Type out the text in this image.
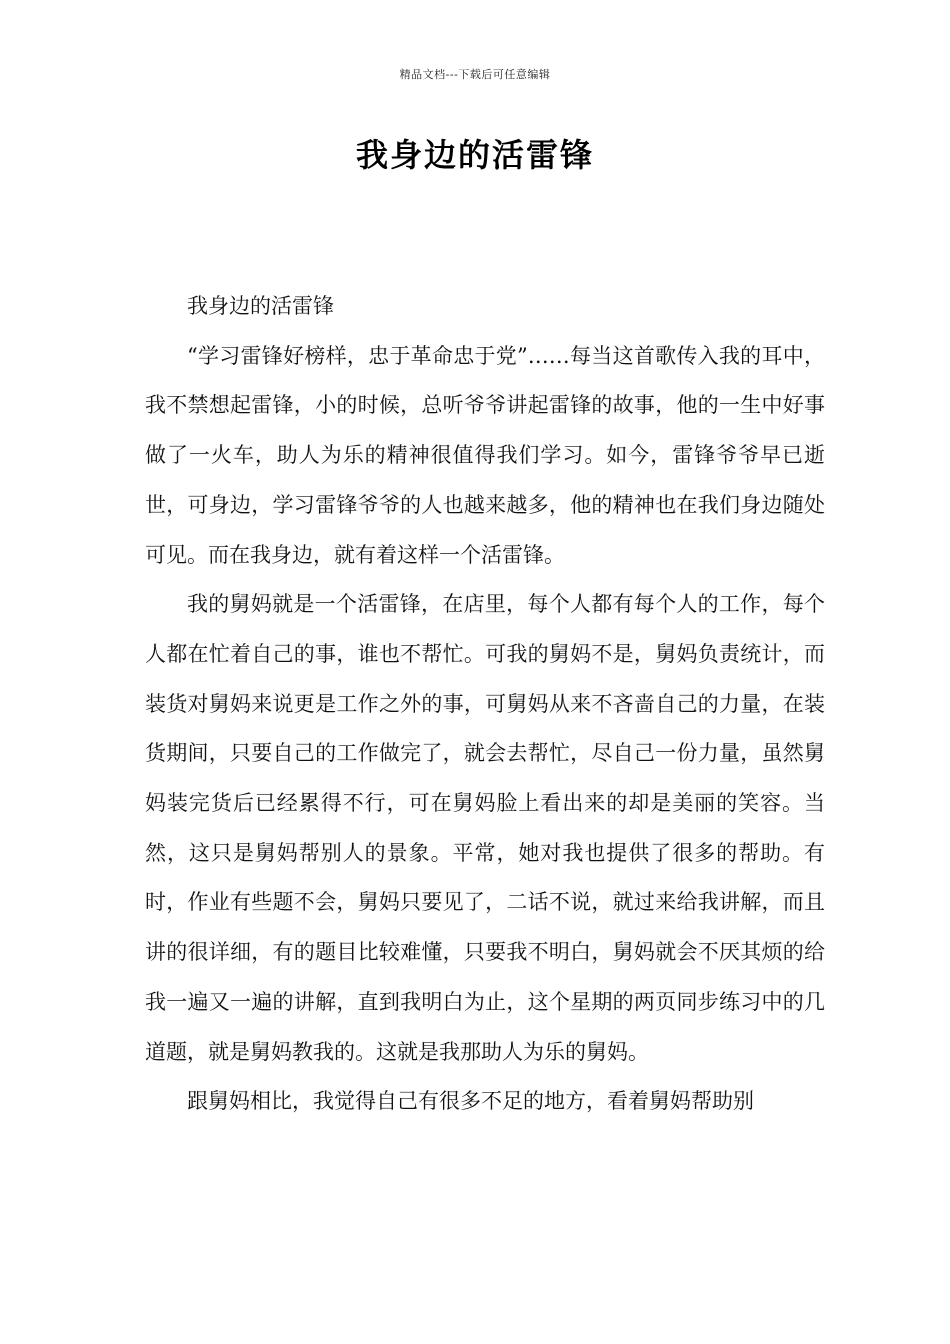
精品文档---下载后可任意编辑
我身边的活雷锋

我身边的活雷锋

“学习雷锋好榜样，忠于革命忠于党”……每当这首歌传入我的耳中，我不禁想起雷锋，小的时候，总听爷爷讲起雷锋的故事，他的一生中好事做了一火车，助人为乐的精神很值得我们学习。如今，雷锋爷爷早已逝世，可身边，学习雷锋爷爷的人也越来越多，他的精神也在我们身边随处可见。而在我身边，就有着这样一个活雷锋。

我的舅妈就是一个活雷锋，在店里，每个人都有每个人的工作，每个人都在忙着自己的事，谁也不帮忙。可我的舅妈不是，舅妈负责统计，而装货对舅妈来说更是工作之外的事，可舅妈从来不吝啬自己的力量，在装货期间，只要自己的工作做完了，就会去帮忙，尽自己一份力量，虽然舅妈装完货后已经累得不行，可在舅妈脸上看出来的却是美丽的笑容。当然，这只是舅妈帮别人的景象。平常，她对我也提供了很多的帮助。有时，作业有些题不会，舅妈只要见了，二话不说，就过来给我讲解，而且讲的很详细，有的题目比较难懂，只要我不明白，舅妈就会不厌其烦的给我一遍又一遍的讲解，直到我明白为止，这个星期的两页同步练习中的几道题，就是舅妈教我的。这就是我那助人为乐的舅妈。

跟舅妈相比，我觉得自己有很多不足的地方，看着舅妈帮助别
